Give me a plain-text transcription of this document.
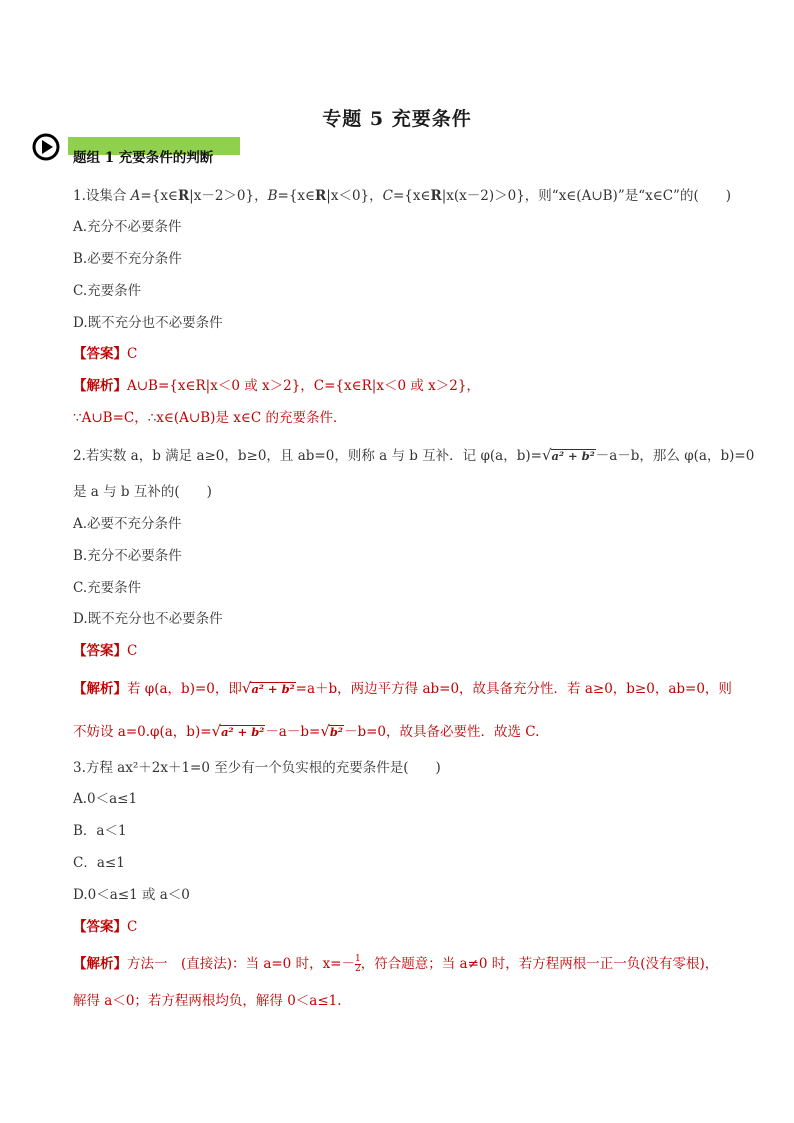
专题 5 充要条件
题组 1 充要条件的判断
1.设集合 A={x∈R|x－2＞0}，B={x∈R|x＜0}，C={x∈R|x(x－2)＞0}，则“x∈(A∪B)”是“x∈C”的(　　)
A.充分不必要条件
B.必要不充分条件
C.充要条件
D.既不充分也不必要条件
【答案】C
【解析】A∪B={x∈R|x＜0 或 x＞2}，C={x∈R|x＜0 或 x＞2}，
∵A∪B=C，∴x∈(A∪B)是 x∈C 的充要条件．
2.若实数 a，b 满足 a≥0，b≥0，且 ab=0，则称 a 与 b 互补．记 φ(a，b)=√a² + b²－a－b，那么 φ(a，b)=0
是 a 与 b 互补的(　　)
A.必要不充分条件
B.充分不必要条件
C.充要条件
D.既不充分也不必要条件
【答案】C
【解析】若 φ(a，b)=0，即√a² + b²=a＋b，两边平方得 ab=0，故具备充分性．若 a≥0，b≥0，ab=0，则
不妨设 a=0.φ(a，b)=√a² + b²－a－b=√b²－b=0，故具备必要性．故选 C.
3.方程 ax²＋2x＋1=0 至少有一个负实根的充要条件是(　　)
A.0＜a≤1
B．a＜1
C．a≤1
D.0＜a≤1 或 a＜0
【答案】C
【解析】方法一　(直接法)：当 a=0 时，$x=- \frac{1}{2}$ ，符合题意；当 a≠0 时，若方程两根一正一负(没有零根)，
解得 a＜0；若方程两根均负，解得 0＜a≤1.
